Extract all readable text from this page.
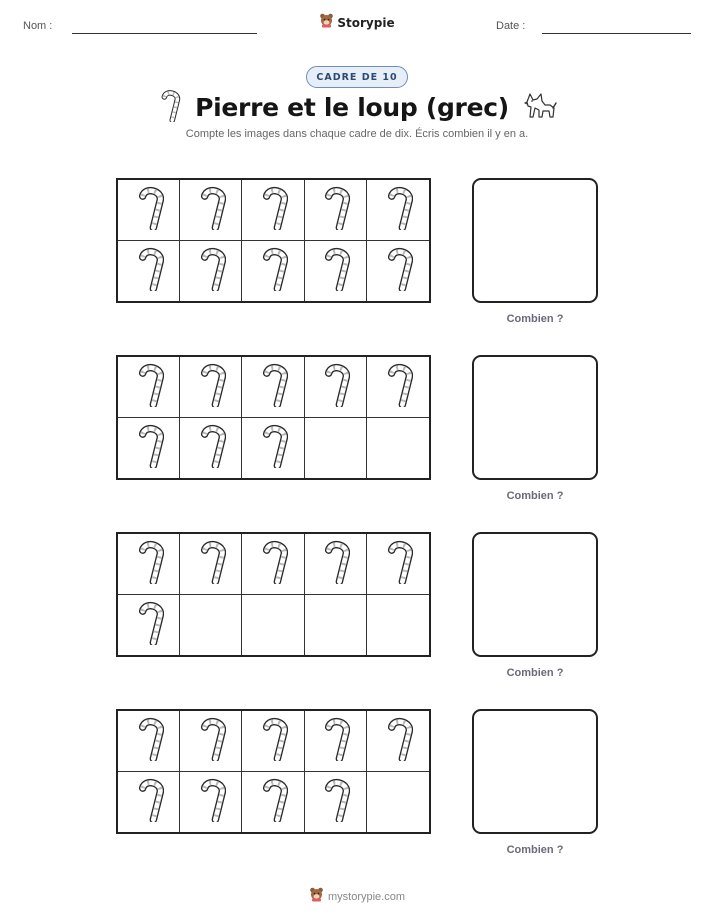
Nom :	Storypie	Date :
CADRE DE 10
Pierre et le loup (grec)
Compte les images dans chaque cadre de dix. Écris combien il y en a.
Combien ?
Combien ?
Combien ?
Combien ?
mystorypie.com
